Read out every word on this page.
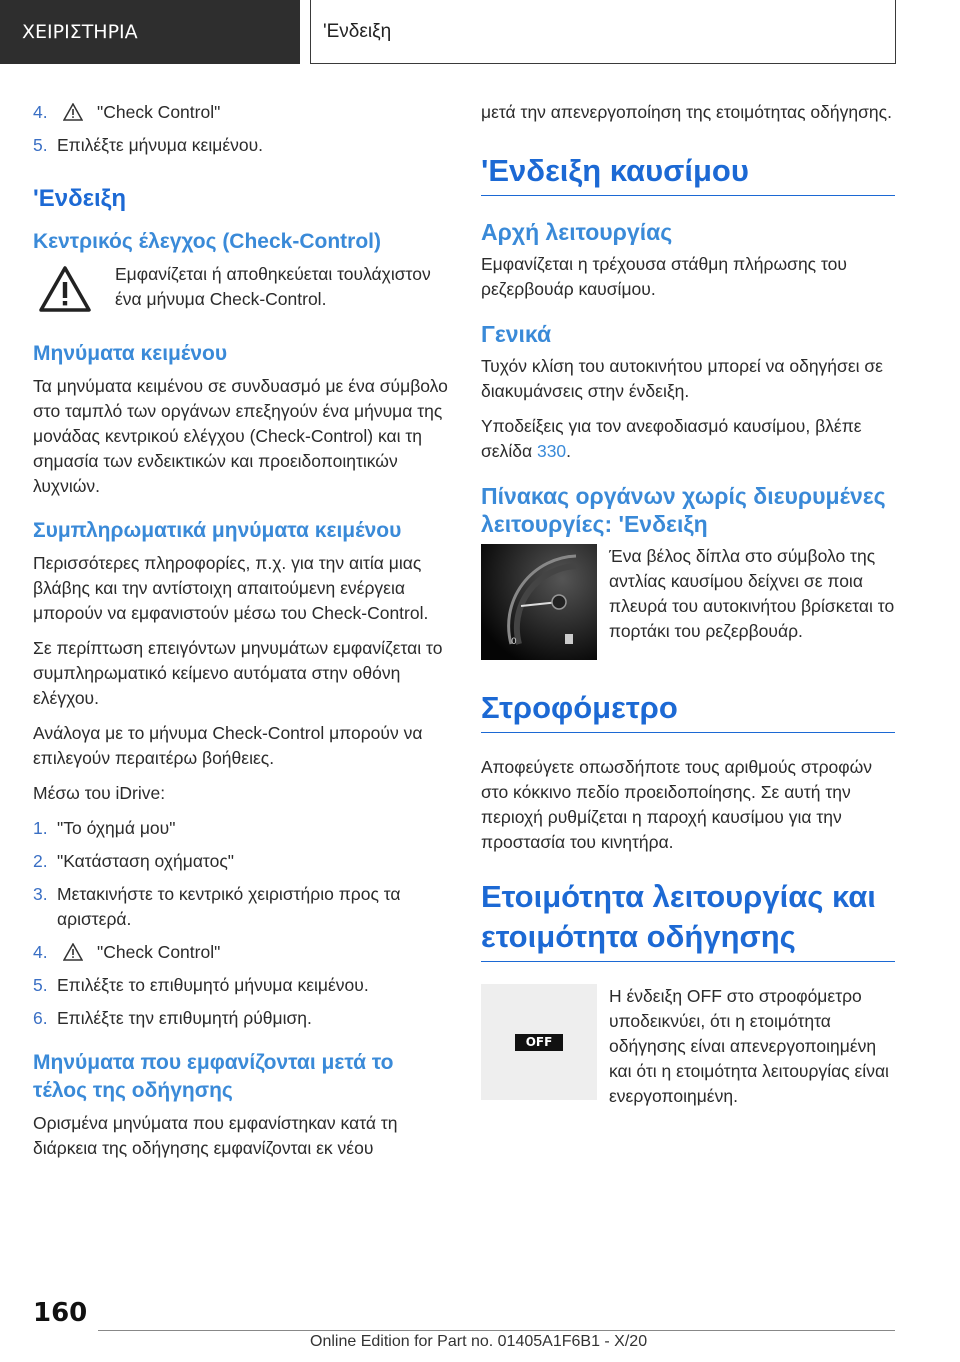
ΧΕΙΡΙΣΤΗΡΙΑ	'Ενδειξη
4.	"Check Control"
5. Επιλέξτε μήνυμα κειμένου.
'Ενδειξη
Κεντρικός έλεγχος (Check-Control)

Εμφανίζεται ή αποθηκεύεται τουλάχιστον ένα μήνυμα Check-Control.

Μηνύματα κειμένου

Τα μηνύματα κειμένου σε συνδυασμό με ένα σύμβολο στο ταμπλό των οργάνων επεξηγούν ένα μήνυμα της μονάδας κεντρικού ελέγχου (Check-Control) και τη σημασία των ενδεικτικών και προειδοποιητικών λυχνιών.

Συμπληρωματικά μηνύματα κειμένου

Περισσότερες πληροφορίες, π.χ. για την αιτία μιας βλάβης και την αντίστοιχη απαιτούμενη ενέργεια μπορούν να εμφανιστούν μέσω του Check-Control.

Σε περίπτωση επειγόντων μηνυμάτων εμφανίζεται το συμπληρωματικό κείμενο αυτόματα στην οθόνη ελέγχου.

Ανάλογα με το μήνυμα Check-Control μπορούν να επιλεγούν περαιτέρω βοήθειες.

Μέσω του iDrive:

1. "Το όχημά μου"
2. "Κατάσταση οχήματος"
3. Μετακινήστε το κεντρικό χειριστήριο προς τα αριστερά.
4.	"Check Control"
5. Επιλέξτε το επιθυμητό μήνυμα κειμένου.
6. Επιλέξτε την επιθυμητή ρύθμιση.
Μηνύματα που εμφανίζονται μετά το τέλος της οδήγησης

Ορισμένα μηνύματα που εμφανίστηκαν κατά τη διάρκεια της οδήγησης εμφανίζονται εκ νέου

μετά την απενεργοποίηση της ετοιμότητας οδήγησης.

'Ενδειξη καυσίμου
Αρχή λειτουργίας

Εμφανίζεται η τρέχουσα στάθμη πλήρωσης του ρεζερβουάρ καυσίμου.

Γενικά

Τυχόν κλίση του αυτοκινήτου μπορεί να οδηγήσει σε διακυμάνσεις στην ένδειξη.

Υποδείξεις για τον ανεφοδιασμό καυσίμου, βλέπε σελίδα 330.

Πίνακας οργάνων χωρίς διευρυμένες λειτουργίες: 'Ενδειξη
0

Ένα βέλος δίπλα στο σύμβολο της αντλίας καυσίμου δείχνει σε ποια πλευρά του αυτοκινήτου βρίσκεται το πορτάκι του ρεζερβουάρ.

Στροφόμετρο

Αποφεύγετε οπωσδήποτε τους αριθμούς στροφών στο κόκκινο πεδίο προειδοποίησης. Σε αυτή την περιοχή ρυθμίζεται η παροχή καυσίμου για την προστασία του κινητήρα.

Ετοιμότητα λειτουργίας και ετοιμότητα οδήγησης
OFF

Η ένδειξη OFF στο στροφόμετρο υποδεικνύει, ότι η ετοιμότητα οδήγησης είναι απενεργοποιημένη και ότι η ετοιμότητα λειτουργίας είναι ενεργοποιημένη.

160
Online Edition for Part no. 01405A1F6B1 - X/20
